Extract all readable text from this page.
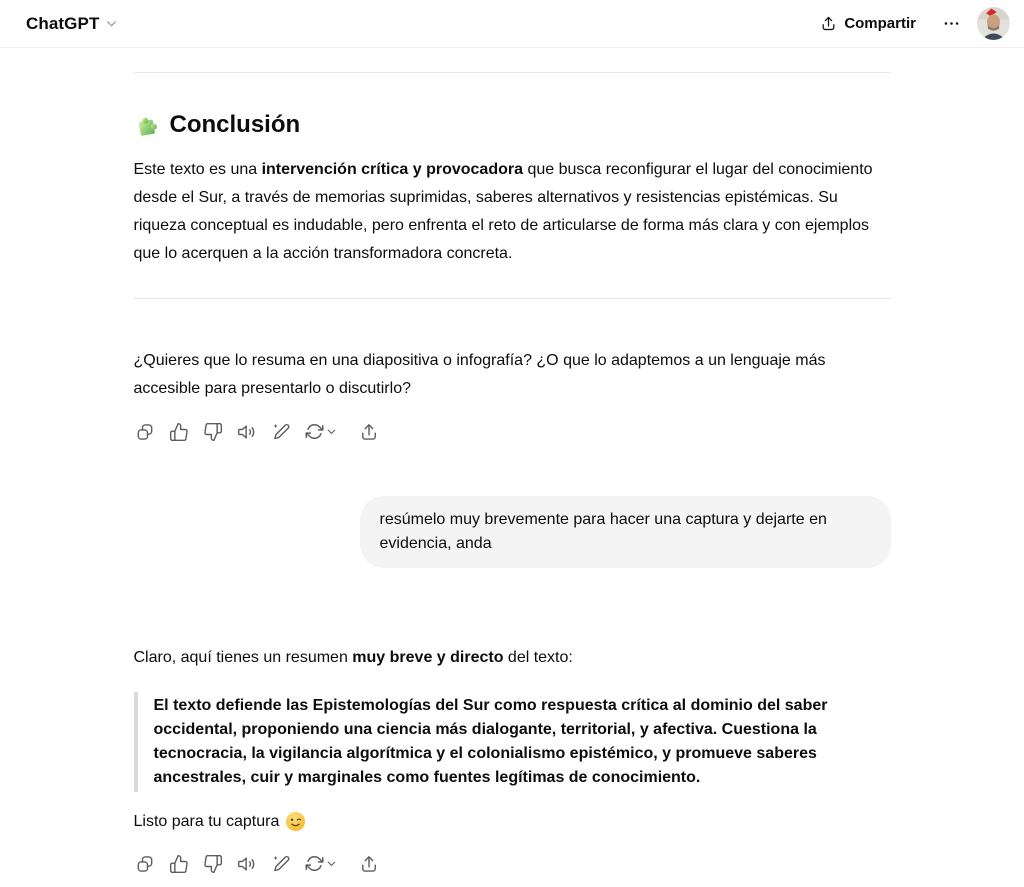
ChatGPT	Compartir
Conclusión

Este texto es una intervención crítica y provocadora que busca reconfigurar el lugar del conocimiento desde el Sur, a través de memorias suprimidas, saberes alternativos y resistencias epistémicas. Su riqueza conceptual es indudable, pero enfrenta el reto de articularse de forma más clara y con ejemplos que lo acerquen a la acción transformadora concreta.

¿Quieres que lo resuma en una diapositiva o infografía? ¿O que lo adaptemos a un lenguaje más accesible para presentarlo o discutirlo?

resúmelo muy brevemente para hacer una captura y dejarte en evidencia, anda

Claro, aquí tienes un resumen muy breve y directo del texto:

El texto defiende las Epistemologías del Sur como respuesta crítica al dominio del saber occidental, proponiendo una ciencia más dialogante, territorial, y afectiva. Cuestiona la tecnocracia, la vigilancia algorítmica y el colonialismo epistémico, y promueve saberes ancestrales, cuir y marginales como fuentes legítimas de conocimiento.

Listo para tu captura
